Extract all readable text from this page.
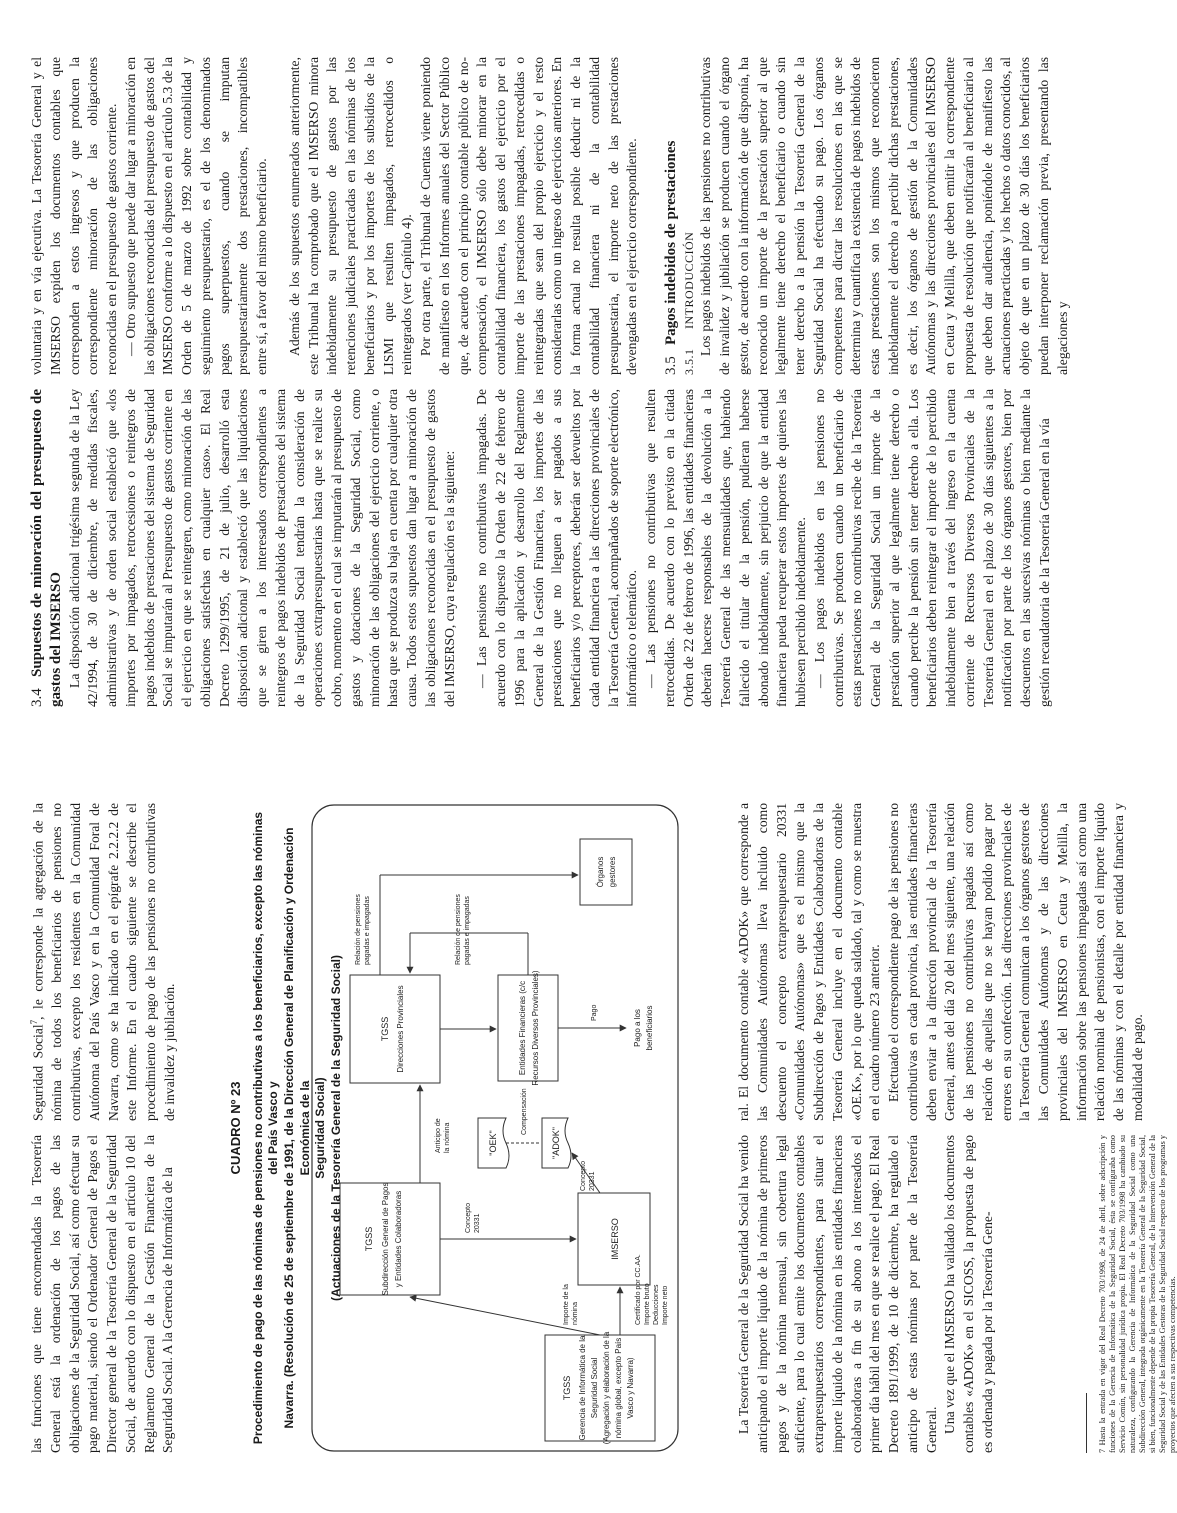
las funciones que tiene encomendadas la Tesorería General está la ordenación de los pagos de las obligaciones de la Seguridad Social, así como efectuar su pago material, siendo el Ordenador General de Pagos el Director general de la Tesorería General de la Seguridad Social, de acuerdo con lo dispuesto en el artículo 10 del Reglamento General de la Gestión Financiera de la Seguridad Social. A la Gerencia de Informática de la

Seguridad Social$^7$, le corresponde la agregación de la nómina de todos los beneficiarios de pensiones no contributivas, excepto los residentes en la Comunidad Autónoma del País Vasco y en la Comunidad Foral de Navarra, como se ha indicado en el epígrafe 2.2.2.2 de este Informe. En el cuadro siguiente se describe el procedimiento de pago de las pensiones no contributivas de invalidez y jubilación.

CUADRO Nº 23 Procedimiento de pago de las nóminas de pensiones no contributivas a los beneficiarios, excepto las nóminas del País Vasco y Navarra. (Resolución de 25 de septiembre de 1991, de la Dirección General de Planificación y Ordenación Económica de la Seguridad Social) (Actuaciones de la Tesorería General de la Seguridad Social)
TGSS Gerencia de Informática de la Seguridad Social (Agregación y elaboración de la nómina global, excepto País Vasco y Navarra)
TGSS Subdirección General de Pagos y Entidades Colaboradoras	IMSERSO
"OEK"	"ADOK"
TGSS Direcciones Provinciales	Entidades Financieras (c/c Recursos Diversos Provinciales)
Órganos gestores
Pago a los beneficiarios
Importe de la nómina	Certificado por CC.AA. Importe bruto Deducciones Importe neto
Concepto 20331
Anticipo de la nómina
Compensación
Concepto 20331
Relación de pensiones pagadas e impagadas
Relación de pensiones pagadas e impagadas
Pago

La Tesorería General de la Seguridad Social ha venido anticipando el importe líquido de la nómina de primeros pagos y de la nómina mensual, sin cobertura legal suficiente, para lo cual emite los documentos contables extrapresupuestarios correspondientes, para situar el importe líquido de la nómina en las entidades financieras colaboradoras a fin de su abono a los interesados el primer día hábil del mes en que se realice el pago. El Real Decreto 1891/1999, de 10 de diciembre, ha regulado el anticipo de estas nóminas por parte de la Tesorería General. Una vez que el IMSERSO ha validado los documentos contables «ADOK» en el SICOSS, la propuesta de pago es ordenada y pagada por la Tesorería Gene-	7 Hasta la entrada en vigor del Real Decreto 703/1998, de 24 de abril, sobre adscripción y funciones de la Gerencia de Informática de la Seguridad Social, ésta se configuraba como Servicio Común, sin personalidad jurídica propia. El Real Decreto 703/1998 ha cambiado su naturaleza, configurando la Gerencia de Informática de la Seguridad Social como una Subdirección General, integrada orgánicamente en la Tesorería General de la Seguridad Social, si bien, funcionalmente depende de la propia Tesorería General, de la Intervención General de la Seguridad Social y de las Entidades Gestoras de la Seguridad Social respecto de los programas y proyectos que afecten a sus respectivas competencias.

ral. El documento contable «ADOK» que corresponde a las Comunidades Autónomas lleva incluido como descuento el concepto extrapresupuestario 20331 «Comunidades Autónomas» que es el mismo que la Subdirección de Pagos y Entidades Colaboradoras de la Tesorería General incluye en el documento contable «OE.K», por lo que queda saldado, tal y como se muestra en el cuadro número 23 anterior. Efectuado el correspondiente pago de las pensiones no contributivas en cada provincia, las entidades financieras deben enviar a la dirección provincial de la Tesorería General, antes del día 20 del mes siguiente, una relación de las pensiones no contributivas pagadas así como relación de aquellas que no se hayan podido pagar por errores en su confección. Las direcciones provinciales de la Tesorería General comunican a los órganos gestores de las Comunidades Autónomas y de las direcciones provinciales del IMSERSO en Ceuta y Melilla, la información sobre las pensiones impagadas así como una relación nominal de pensionistas, con el importe líquido de las nóminas y con el detalle por entidad financiera y modalidad de pago.

3.4Supuestos de minoración del presupuesto de gastos del IMSERSO La disposición adicional trigésima segunda de la Ley 42/1994, de 30 de diciembre, de medidas fiscales, administrativas y de orden social estableció que «los importes por impagados, retrocesiones o reintegros de pagos indebidos de prestaciones del sistema de Seguridad Social se imputarán al Presupuesto de gastos corriente en el ejercicio en que se reintegren, como minoración de las obligaciones satisfechas en cualquier caso». El Real Decreto 1299/1995, de 21 de julio, desarrolló esta disposición adicional y estableció que las liquidaciones que se giren a los interesados correspondientes a reintegros de pagos indebidos de prestaciones del sistema de la Seguridad Social tendrán la consideración de operaciones extrapresupuestarias hasta que se realice su cobro, momento en el cual se imputarán al presupuesto de gastos y dotaciones de la Seguridad Social, como minoración de las obligaciones del ejercicio corriente, o hasta que se produzca su baja en cuenta por cualquier otra causa. Todos estos supuestos dan lugar a minoración de las obligaciones reconocidas en el presupuesto de gastos del IMSERSO, cuya regulación es la siguiente: — Las pensiones no contributivas impagadas. De acuerdo con lo dispuesto la Orden de 22 de febrero de 1996 para la aplicación y desarrollo del Reglamento General de la Gestión Financiera, los importes de las prestaciones que no lleguen a ser pagados a sus beneficiarios y/o perceptores, deberán ser devueltos por cada entidad financiera a las direcciones provinciales de la Tesorería General, acompañados de soporte electrónico, informático o telemático. — Las pensiones no contributivas que resulten retrocedidas. De acuerdo con lo previsto en la citada Orden de 22 de febrero de 1996, las entidades financieras deberán hacerse responsables de la devolución a la Tesorería General de las mensualidades que, habiendo fallecido el titular de la pensión, pudieran haberse abonado indebidamente, sin perjuicio de que la entidad financiera pueda recuperar estos importes de quienes las hubiesen percibido indebidamente. — Los pagos indebidos en las pensiones no contributivas. Se producen cuando un beneficiario de estas prestaciones no contributivas recibe de la Tesorería General de la Seguridad Social un importe de la prestación superior al que legalmente tiene derecho o cuando percibe la pensión sin tener derecho a ella. Los beneficiarios deben reintegrar el importe de lo percibido indebidamente bien a través del ingreso en la cuenta corriente de Recursos Diversos Provinciales de la Tesorería General en el plazo de 30 días siguientes a la notificación por parte de los órganos gestores, bien por descuentos en las sucesivas nóminas o bien mediante la gestión recaudatoria de la Tesorería General en la vía

voluntaria y en vía ejecutiva. La Tesorería General y el IMSERSO expiden los documentos contables que corresponden a estos ingresos y que producen la correspondiente minoración de las obligaciones reconocidas en el presupuesto de gastos corriente. — Otro supuesto que puede dar lugar a minoración en las obligaciones reconocidas del presupuesto de gastos del IMSERSO conforme a lo dispuesto en el artículo 5.3 de la Orden de 5 de marzo de 1992 sobre contabilidad y seguimiento presupuestario, es el de los denominados pagos superpuestos, cuando se imputan presupuestariamente dos prestaciones, incompatibles entre sí, a favor del mismo beneficiario. Además de los supuestos enumerados anteriormente, este Tribunal ha comprobado que el IMSERSO minora indebidamente su presupuesto de gastos por las retenciones judiciales practicadas en las nóminas de los beneficiarios y por los importes de los subsidios de la LISMI que resulten impagados, retrocedidos o reintegrados (ver Capítulo 4). Por otra parte, el Tribunal de Cuentas viene poniendo de manifiesto en los Informes anuales del Sector Público que, de acuerdo con el principio contable público de no-compensación, el IMSERSO sólo debe minorar en la contabilidad financiera, los gastos del ejercicio por el importe de las prestaciones impagadas, retrocedidas o reintegradas que sean del propio ejercicio y el resto considerarlas como un ingreso de ejercicios anteriores. En la forma actual no resulta posible deducir ni de la contabilidad financiera ni de la contabilidad presupuestaria, el importe neto de las prestaciones devengadas en el ejercicio correspondiente. 3.5Pagos indebidos de prestaciones

3.5.1INTRODUCCIÓN Los pagos indebidos de las pensiones no contributivas de invalidez y jubilación se producen cuando el órgano gestor, de acuerdo con la información de que disponía, ha reconocido un importe de la prestación superior al que legalmente tiene derecho el beneficiario o cuando sin tener derecho a la pensión la Tesorería General de la Seguridad Social ha efectuado su pago. Los órganos competentes para dictar las resoluciones en las que se determina y cuantifica la existencia de pagos indebidos de estas prestaciones son los mismos que reconocieron indebidamente el derecho a percibir dichas prestaciones, es decir, los órganos de gestión de la Comunidades Autónomas y las direcciones provinciales del IMSERSO en Ceuta y Melilla, que deben emitir la correspondiente propuesta de resolución que notificarán al beneficiario al que deben dar audiencia, poniéndole de manifiesto las actuaciones practicadas y los hechos o datos conocidos, al objeto de que en un plazo de 30 días los beneficiarios puedan interponer reclamación previa, presentando las alegaciones y
